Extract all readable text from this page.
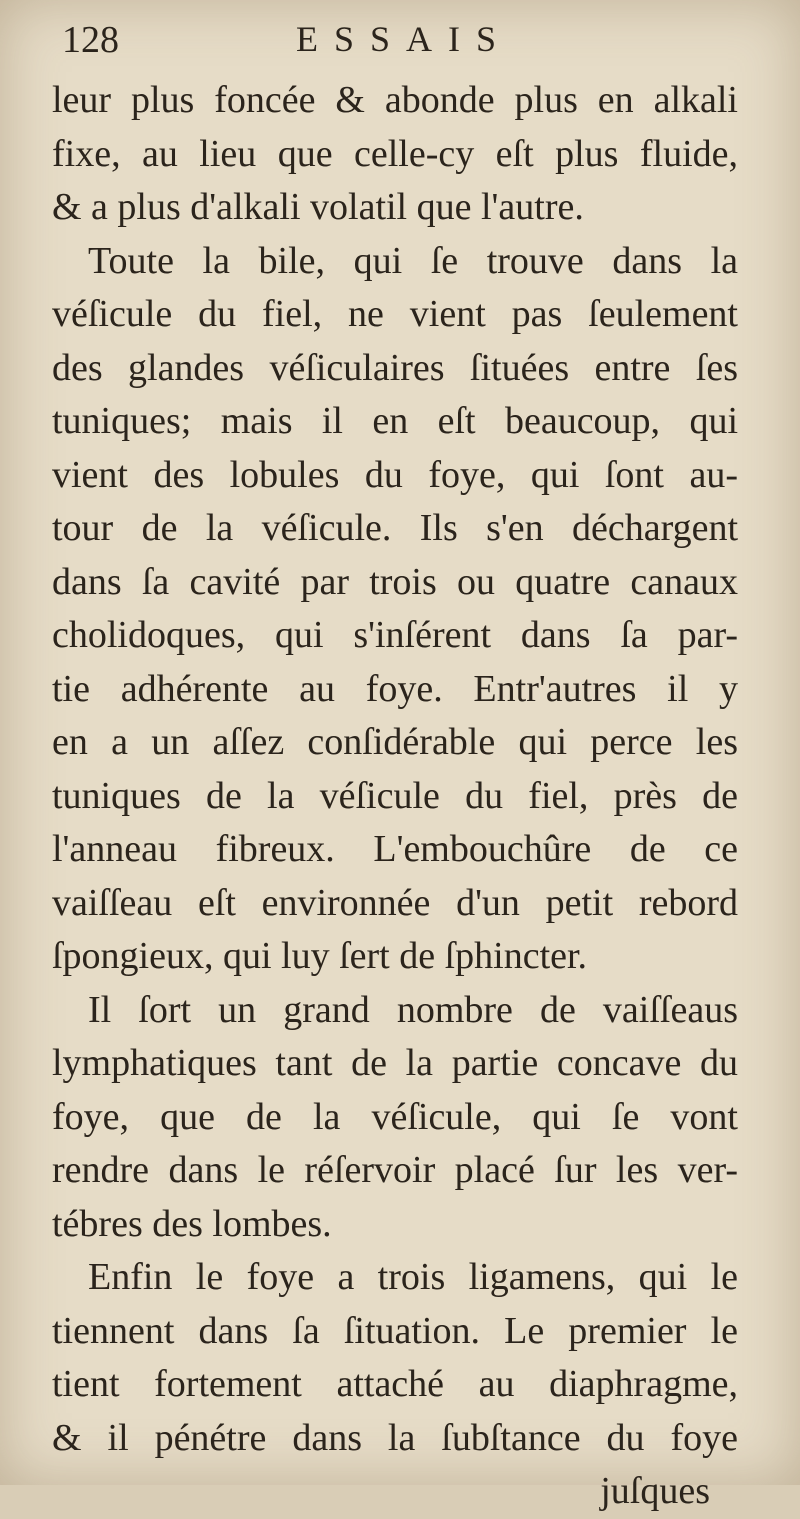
128	ESSAIS
leur plus foncée & abonde plus en alkali
fixe, au lieu que celle-cy eſt plus fluide,
& a plus d'alkali volatil que l'autre.
Toute la bile, qui ſe trouve dans la
véſicule du fiel, ne vient pas ſeulement
des glandes véſiculaires ſituées entre ſes
tuniques; mais il en eſt beaucoup, qui
vient des lobules du foye, qui ſont au-
tour de la véſicule. Ils s'en déchargent
dans ſa cavité par trois ou quatre canaux
cholidoques, qui s'inſérent dans ſa par-
tie adhérente au foye. Entr'autres il y
en a un aſſez conſidérable qui perce les
tuniques de la véſicule du fiel, près de
l'anneau fibreux. L'embouchûre de ce
vaiſſeau eſt environnée d'un petit rebord
ſpongieux, qui luy ſert de ſphincter.
Il ſort un grand nombre de vaiſſeaus
lymphatiques tant de la partie concave du
foye, que de la véſicule, qui ſe vont
rendre dans le réſervoir placé ſur les ver-
tébres des lombes.
Enfin le foye a trois ligamens, qui le
tiennent dans ſa ſituation. Le premier le
tient fortement attaché au diaphragme,
& il pénétre dans la ſubſtance du foye
juſques
